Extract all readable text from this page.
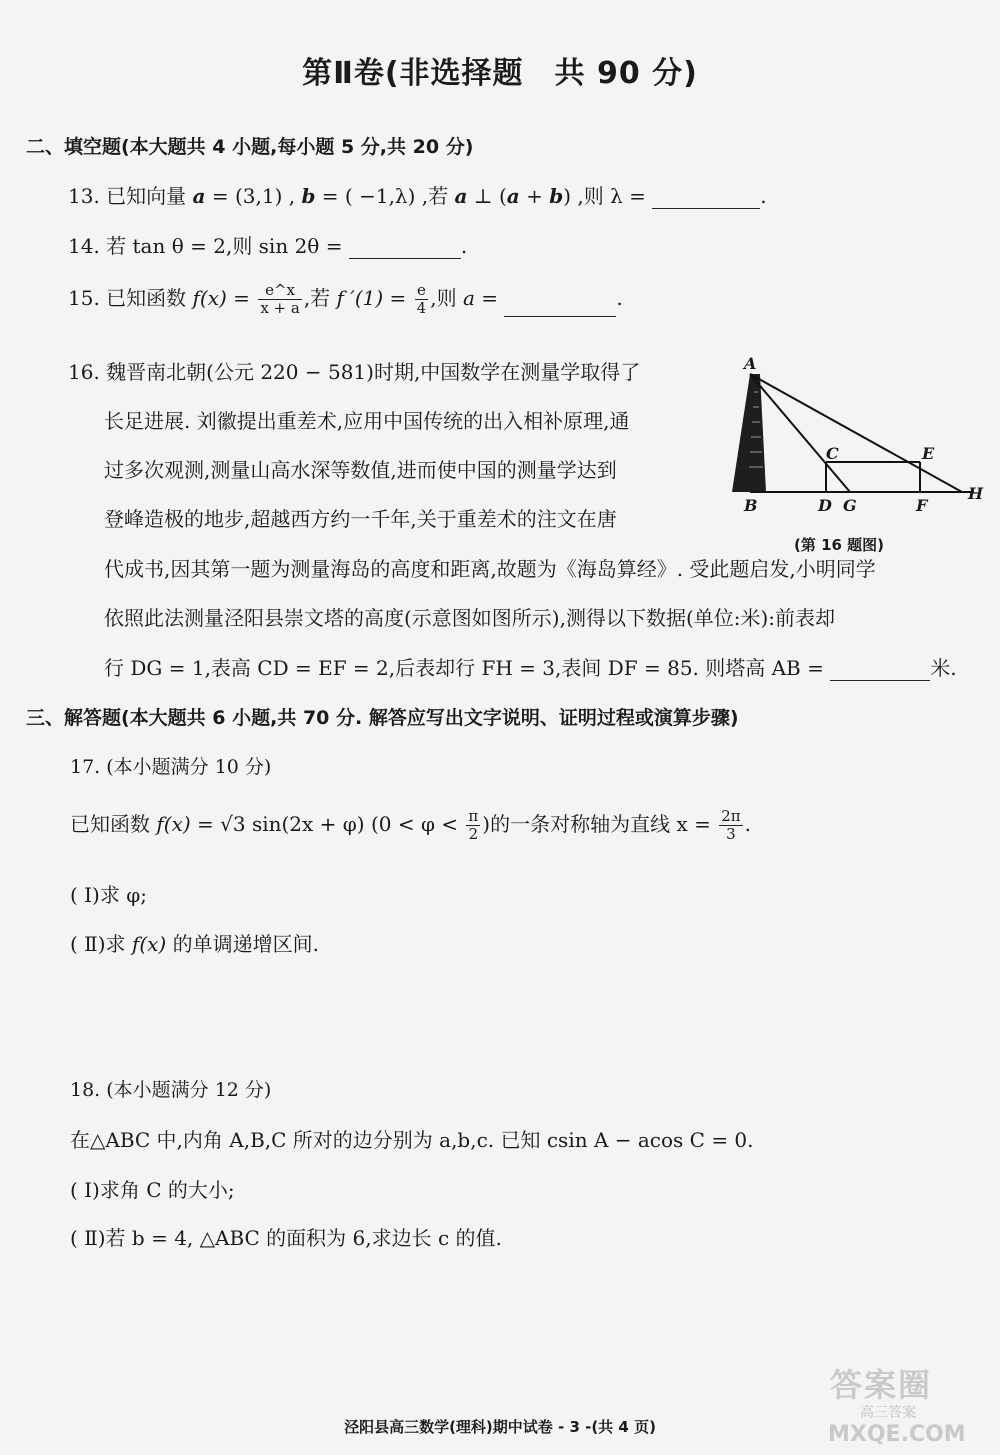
第Ⅱ卷(非选择题　共 90 分)
二、填空题(本大题共 4 小题,每小题 5 分,共 20 分)
13. 已知向量 a = (3,1) , b = ( −1,λ) ,若 a ⊥ (a + b) ,则 λ =	.
14. 若 tan θ = 2,则 sin 2θ =	.
15. 已知函数 $f(x) = \frac{e\^{}x}{x + a}$ ,若 f $'(1) = \frac{e}{4}$ ,则 a =	.
16. 魏晋南北朝(公元 220 − 581)时期,中国数学在测量学取得了
长足进展. 刘徽提出重差术,应用中国传统的出入相补原理,通
过多次观测,测量山高水深等数值,进而使中国的测量学达到
登峰造极的地步,超越西方约一千年,关于重差术的注文在唐
代成书,因其第一题为测量海岛的高度和距离,故题为《海岛算经》. 受此题启发,小明同学
依照此法测量泾阳县崇文塔的高度(示意图如图所示),测得以下数据(单位:米):前表却
行 DG = 1,表高 CD = EF = 2,后表却行 FH = 3,表间 DF = 85. 则塔高 AB =	米.
A
B
C
D
E
F
G
H
(第 16 题图)
三、解答题(本大题共 6 小题,共 70 分. 解答应写出文字说明、证明过程或演算步骤)
17. (本小题满分 10 分)
已知函数 f(x) = √3 sin(2x + φ) ($0 < \varphi < \frac{\pi}{2}$ )的一条对称轴为直线 $x = \frac{2\pi}{3}$ .
( Ⅰ)求 φ;
( Ⅱ)求 f(x) 的单调递增区间.
18. (本小题满分 12 分)
在△ABC 中,内角 A,B,C 所对的边分别为 a,b,c. 已知 csin A − acos C = 0.
( Ⅰ)求角 C 的大小;
( Ⅱ)若 b = 4, △ABC 的面积为 6,求边长 c 的值.
泾阳县高三数学(理科)期中试卷 - 3 -(共 4 页)
答案圈
高三答案
MXQE.COM
